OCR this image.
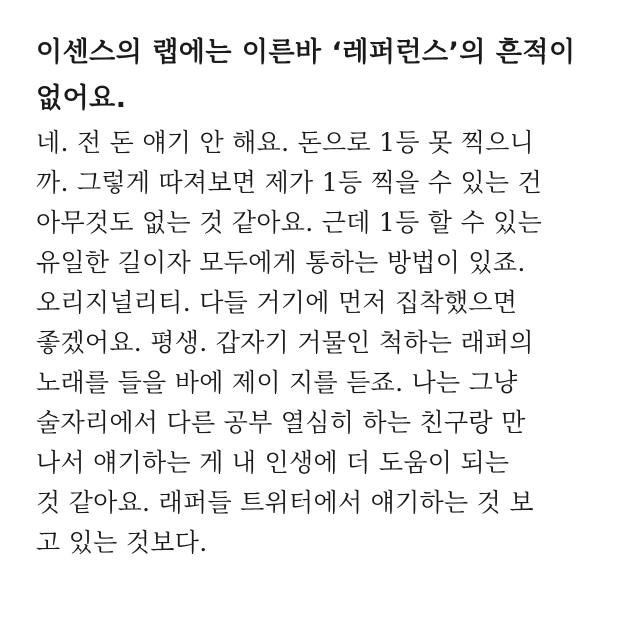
이센스의 랩에는 이른바 ‘레퍼런스’의 흔적이
없어요.

네. 전 돈 얘기 안 해요. 돈으로 1등 못 찍으니
까. 그렇게 따져보면 제가 1등 찍을 수 있는 건
아무것도 없는 것 같아요. 근데 1등 할 수 있는
유일한 길이자 모두에게 통하는 방법이 있죠.
오리지널리티. 다들 거기에 먼저 집착했으면
좋겠어요. 평생. 갑자기 거물인 척하는 래퍼의
노래를 들을 바에 제이 지를 듣죠. 나는 그냥
술자리에서 다른 공부 열심히 하는 친구랑 만
나서 얘기하는 게 내 인생에 더 도움이 되는
것 같아요. 래퍼들 트위터에서 얘기하는 것 보
고 있는 것보다.
